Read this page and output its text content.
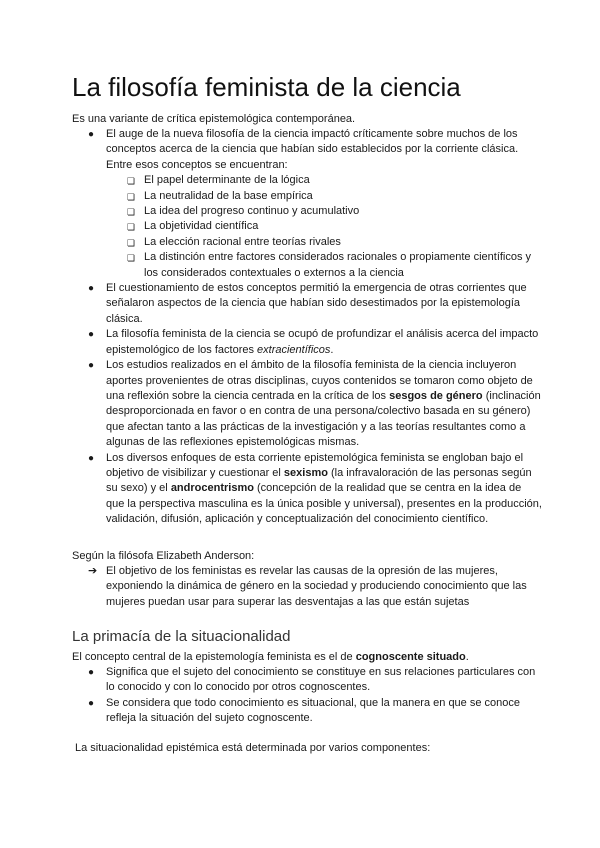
La filosofía feminista de la ciencia
Es una variante de crítica epistemológica contemporánea.

● El auge de la nueva filosofía de la ciencia impactó críticamente sobre muchos de los conceptos acerca de la ciencia que habían sido establecidos por la corriente clásica. Entre esos conceptos se encuentran:

❏ El papel determinante de la lógica

❏ La neutralidad de la base empírica

❏ La idea del progreso continuo y acumulativo

❏ La objetividad científica

❏ La elección racional entre teorías rivales

❏ La distinción entre factores considerados racionales o propiamente científicos y los considerados contextuales o externos a la ciencia

● El cuestionamiento de estos conceptos permitió la emergencia de otras corrientes que señalaron aspectos de la ciencia que habían sido desestimados por la epistemología clásica.

● La filosofía feminista de la ciencia se ocupó de profundizar el análisis acerca del impacto epistemológico de los factores extracientíficos.

● Los estudios realizados en el ámbito de la filosofía feminista de la ciencia incluyeron aportes provenientes de otras disciplinas, cuyos contenidos se tomaron como objeto de una reflexión sobre la ciencia centrada en la crítica de los sesgos de género (inclinación desproporcionada en favor o en contra de una persona/colectivo basada en su género) que afectan tanto a las prácticas de la investigación y a las teorías resultantes como a algunas de las reflexiones epistemológicas mismas.

● Los diversos enfoques de esta corriente epistemológica feminista se engloban bajo el objetivo de visibilizar y cuestionar el sexismo (la infravaloración de las personas según su sexo) y el androcentrismo (concepción de la realidad que se centra en la idea de que la perspectiva masculina es la única posible y universal), presentes en la producción, validación, difusión, aplicación y conceptualización del conocimiento científico.

Según la filósofa Elizabeth Anderson:

➔ El objetivo de los feministas es revelar las causas de la opresión de las mujeres, exponiendo la dinámica de género en la sociedad y produciendo conocimiento que las mujeres puedan usar para superar las desventajas a las que están sujetas

La primacía de la situacionalidad
El concepto central de la epistemología feminista es el de cognoscente situado.

● Significa que el sujeto del conocimiento se constituye en sus relaciones particulares con lo conocido y con lo conocido por otros cognoscentes.

● Se considera que todo conocimiento es situacional, que la manera en que se conoce refleja la situación del sujeto cognoscente.

La situacionalidad epistémica está determinada por varios componentes:
